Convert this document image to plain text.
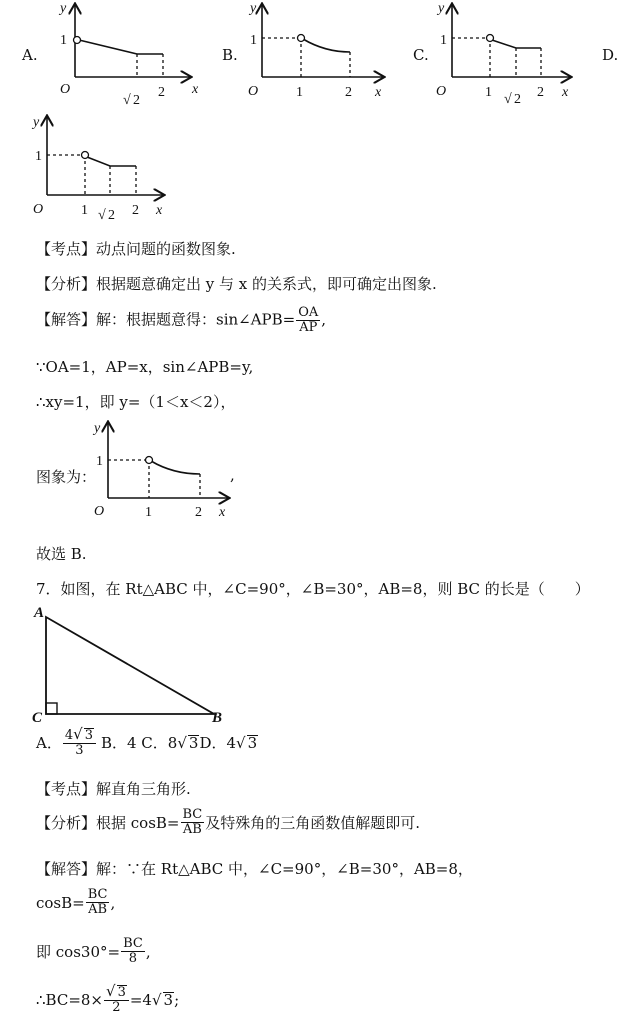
A.
y
x
O
1
√ 2
2
B.
y
x
O
1
1	2
C.
y
x
O
1
1 √ 2 2
D.
y
x
O
1
1 √ 2 2
【考点】动点问题的函数图象.
【分析】根据题意确定出 y 与 x 的关系式，即可确定出图象.
【解答】解：根据题意得：sin∠APB= $\frac{OA}{AP}$ ,
∵OA=1，AP=x，sin∠APB=y,
∴xy=1，即 y=（1＜x＜2），
图象为：
y
x
O
1
1	2
,
故选 B.
7．如图，在 Rt△ABC 中，∠C=90°，∠B=30°，AB=8，则 BC 的长是（　　）
A
C	B
A． $\frac{4√ 3}{3}$ B．4 C．8 √ 3 D．4 √ 3
【考点】解直角三角形.
【分析】根据 $\cos B= \frac{BC}{AB}$ 及特殊角的三角函数值解题即可.
【解答】解：∵在 Rt△ABC 中，∠C=90°，∠B=30°，AB=8，
$\cos B= \frac{BC}{AB}$ ,
即 $\cos 30^\circ= \frac{BC}{8}$ ,
∴BC=8× $\frac{√ 3}{2} =4$ √ 3 ;
